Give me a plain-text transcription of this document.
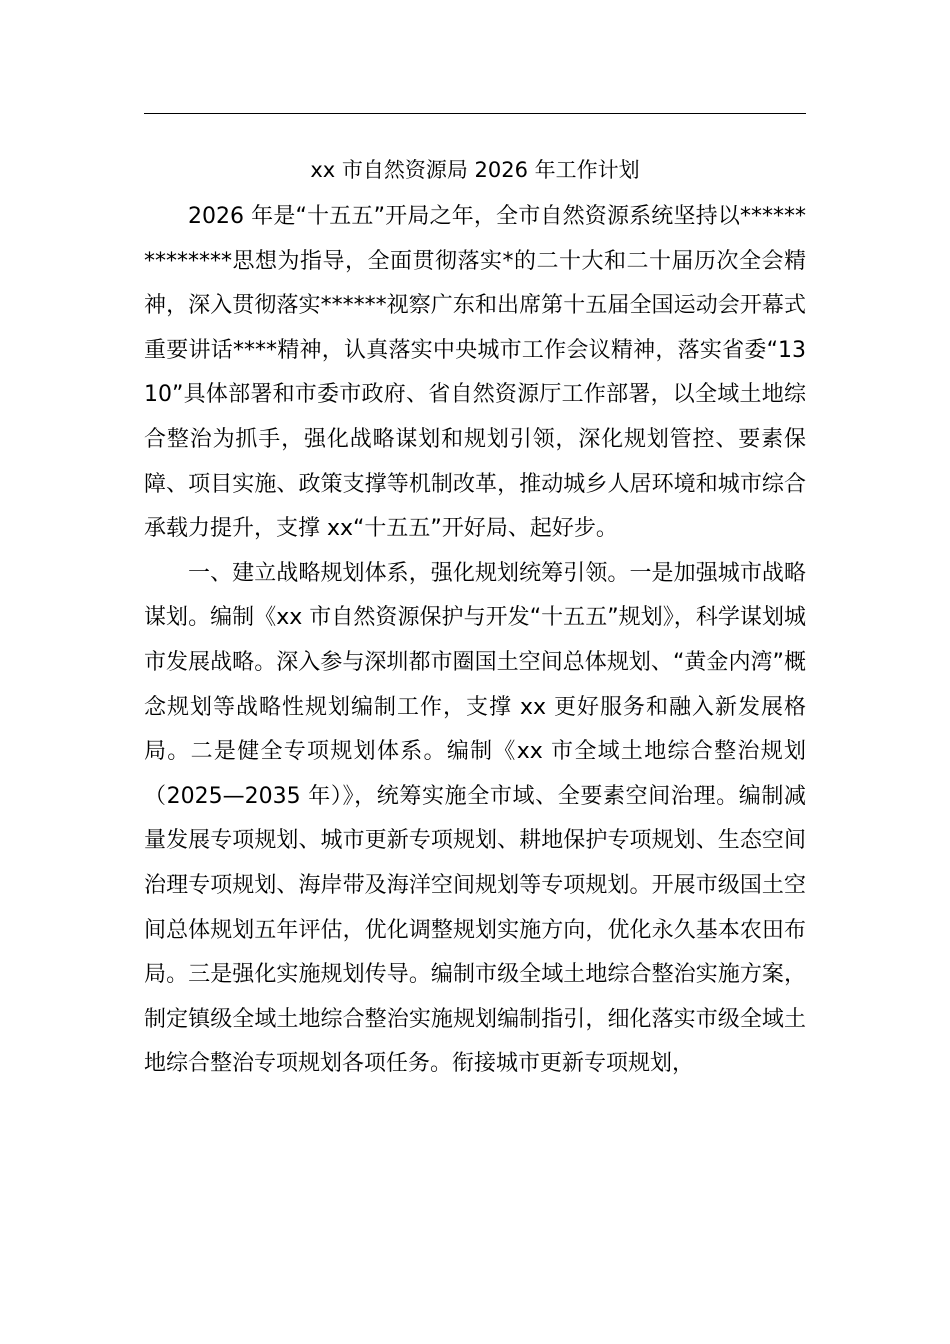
xx 市自然资源局 2026 年工作计划

2026 年是“十五五”开局之年，全市自然资源系统坚持以**************思想为指导，全面贯彻落实*的二十大和二十届历次全会精神，深入贯彻落实******视察广东和出席第十五届全国运动会开幕式重要讲话****精神，认真落实中央城市工作会议精神，落实省委“1310”具体部署和市委市政府、省自然资源厅工作部署，以全域土地综合整治为抓手，强化战略谋划和规划引领，深化规划管控、要素保障、项目实施、政策支撑等机制改革，推动城乡人居环境和城市综合承载力提升，支撑 xx“十五五”开好局、起好步。

一、建立战略规划体系，强化规划统筹引领。一是加强城市战略谋划。编制《xx 市自然资源保护与开发“十五五”规划》，科学谋划城市发展战略。深入参与深圳都市圈国土空间总体规划、“黄金内湾”概念规划等战略性规划编制工作，支撑 xx 更好服务和融入新发展格局。二是健全专项规划体系。编制《xx 市全域土地综合整治规划（2025—2035 年）》，统筹实施全市域、全要素空间治理。编制减量发展专项规划、城市更新专项规划、耕地保护专项规划、生态空间治理专项规划、海岸带及海洋空间规划等专项规划。开展市级国土空间总体规划五年评估，优化调整规划实施方向，优化永久基本农田布局。三是强化实施规划传导。编制市级全域土地综合整治实施方案，制定镇级全域土地综合整治实施规划编制指引，细化落实市级全域土地综合整治专项规划各项任务。衔接城市更新专项规划，
